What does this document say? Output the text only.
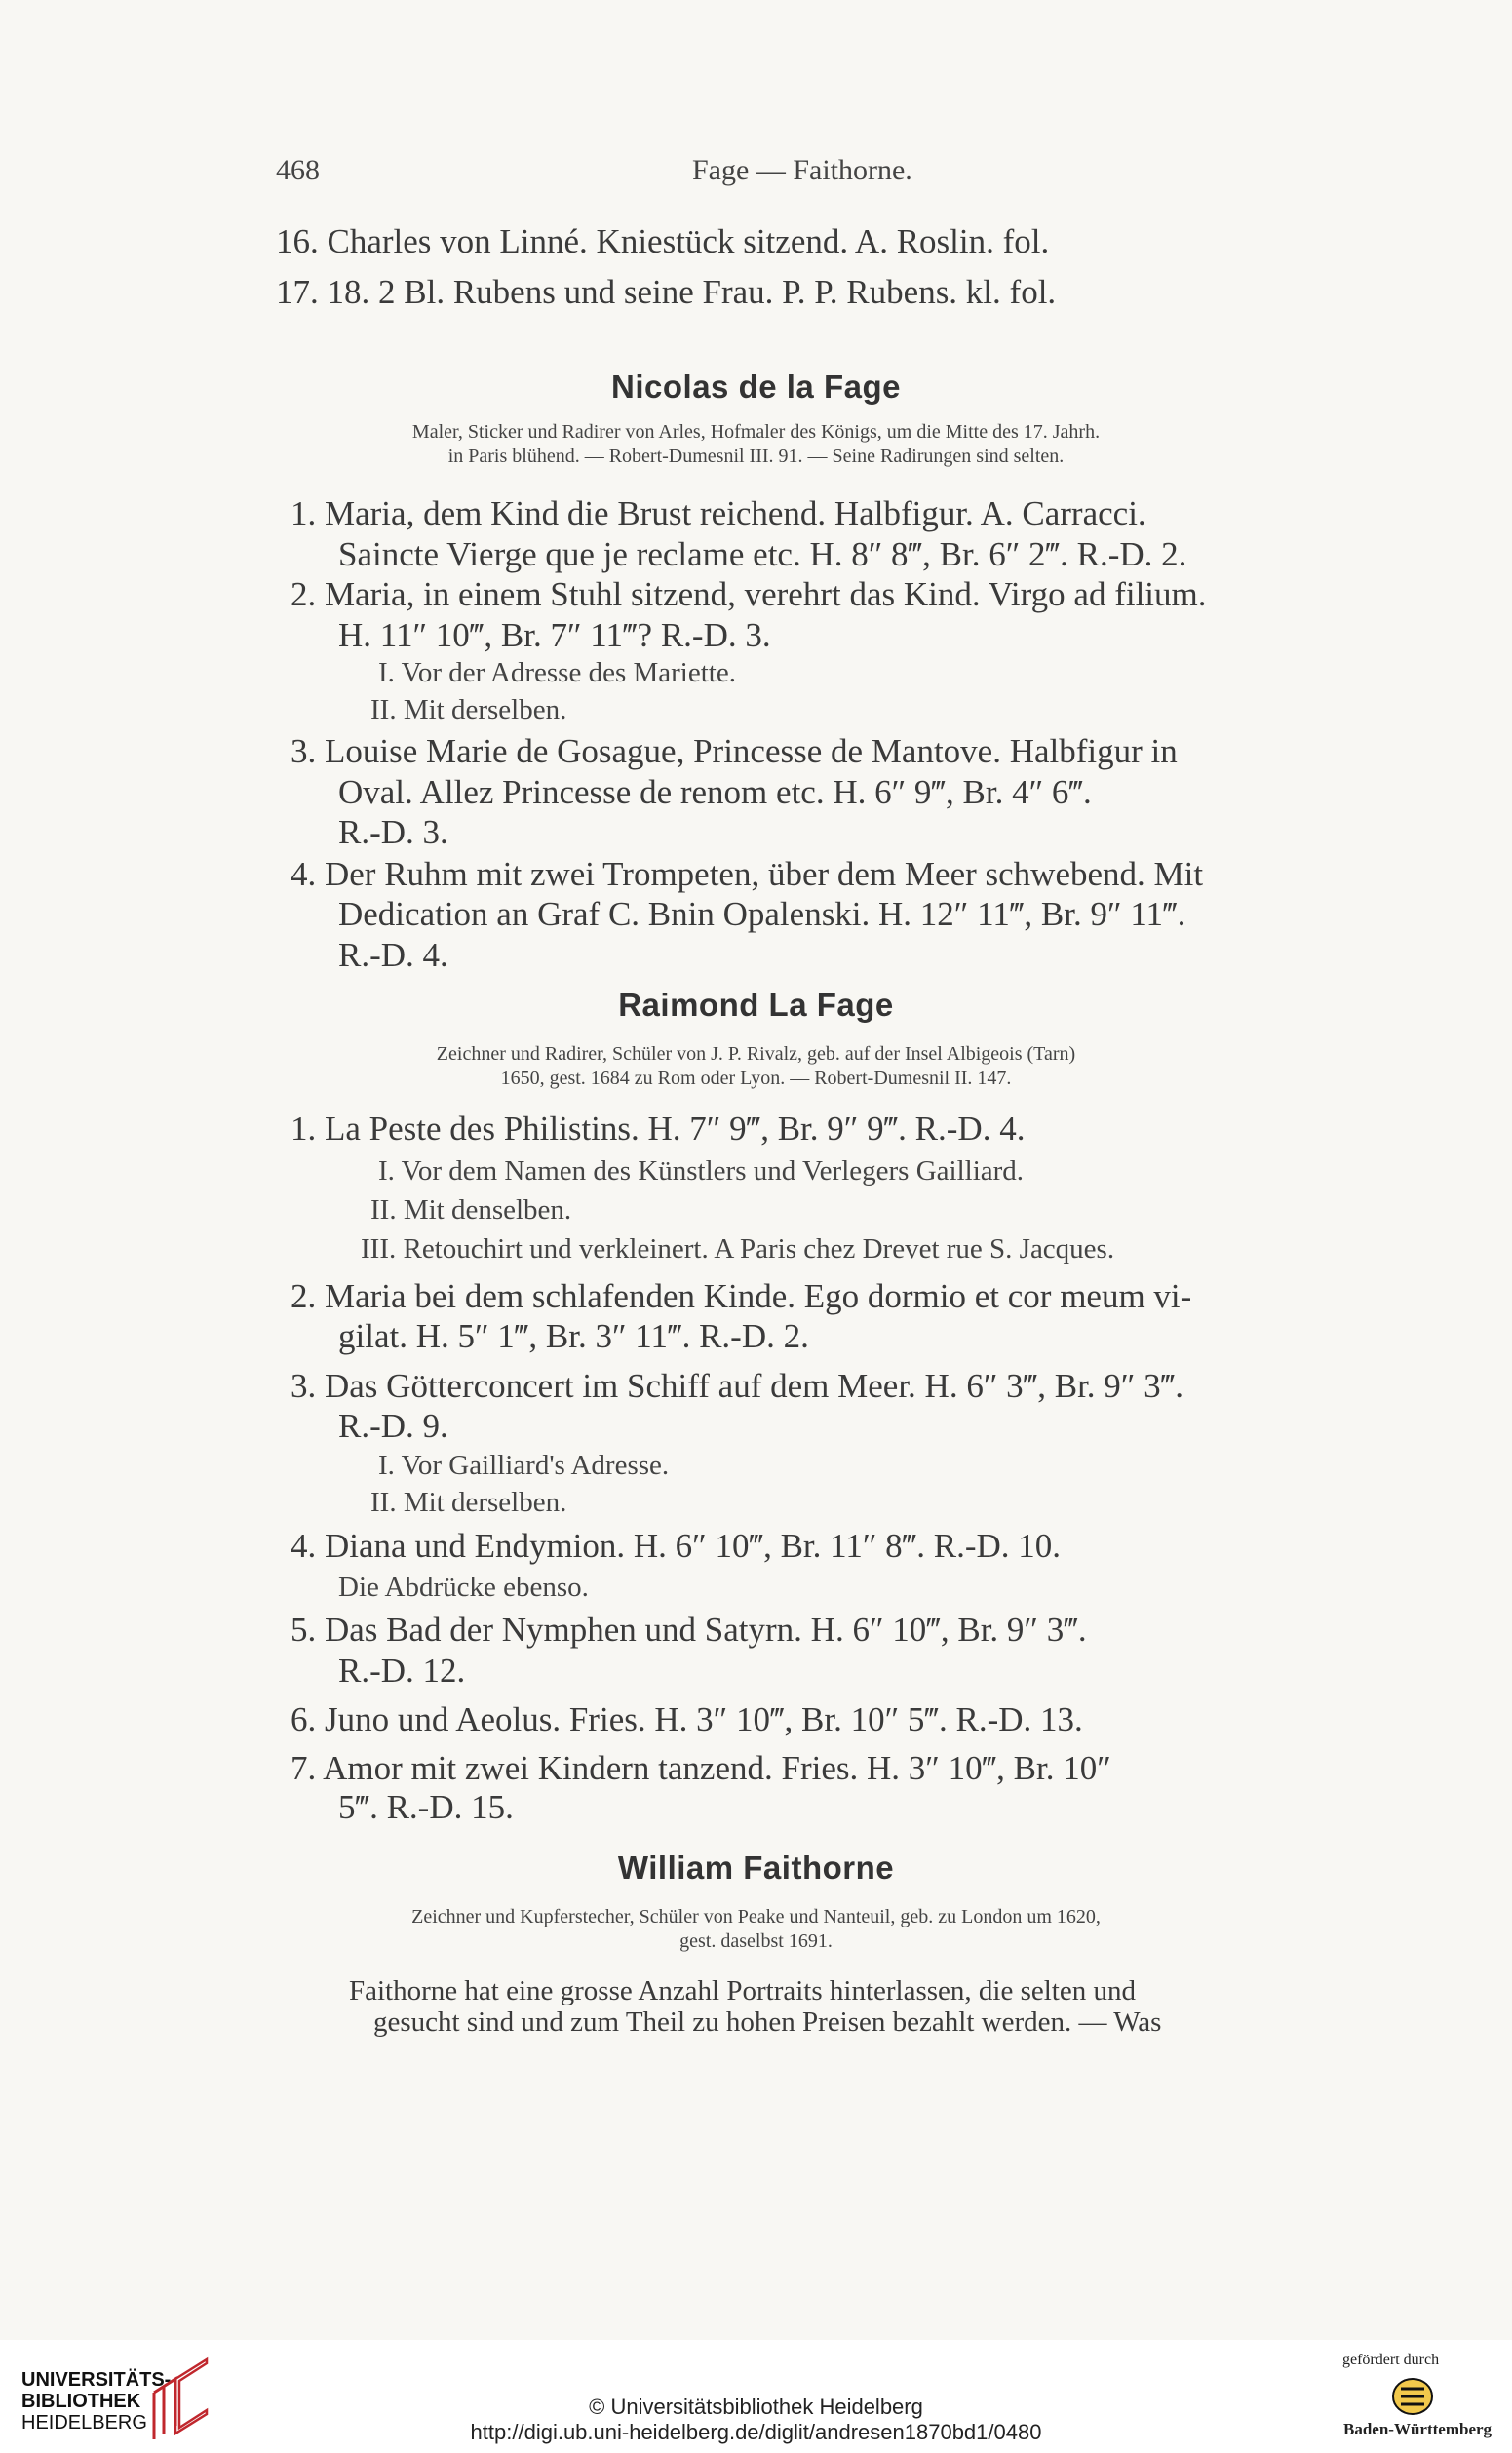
468	Fage — Faithorne.
16. Charles von Linné. Kniestück sitzend. A. Roslin. fol.
17. 18. 2 Bl. Rubens und seine Frau. P. P. Rubens. kl. fol.
Nicolas de la Fage
Maler, Sticker und Radirer von Arles, Hofmaler des Königs, um die Mitte des 17. Jahrh.
in Paris blühend. — Robert-Dumesnil III. 91. — Seine Radirungen sind selten.
1. Maria, dem Kind die Brust reichend. Halbfigur. A. Carracci.
Saincte Vierge que je reclame etc. H. 8″ 8‴, Br. 6″ 2‴. R.-D. 2.
2. Maria, in einem Stuhl sitzend, verehrt das Kind. Virgo ad filium.
H. 11″ 10‴, Br. 7″ 11‴? R.-D. 3.
I. Vor der Adresse des Mariette.
II. Mit derselben.
3. Louise Marie de Gosague, Princesse de Mantove. Halbfigur in
Oval. Allez Princesse de renom etc. H. 6″ 9‴, Br. 4″ 6‴.
R.-D. 3.
4. Der Ruhm mit zwei Trompeten, über dem Meer schwebend. Mit
Dedication an Graf C. Bnin Opalenski. H. 12″ 11‴, Br. 9″ 11‴.
R.-D. 4.
Raimond La Fage
Zeichner und Radirer, Schüler von J. P. Rivalz, geb. auf der Insel Albigeois (Tarn)
1650, gest. 1684 zu Rom oder Lyon. — Robert-Dumesnil II. 147.
1. La Peste des Philistins. H. 7″ 9‴, Br. 9″ 9‴. R.-D. 4.
I. Vor dem Namen des Künstlers und Verlegers Gailliard.
II. Mit denselben.
III. Retouchirt und verkleinert. A Paris chez Drevet rue S. Jacques.
2. Maria bei dem schlafenden Kinde. Ego dormio et cor meum vi-
gilat. H. 5″ 1‴, Br. 3″ 11‴. R.-D. 2.
3. Das Götterconcert im Schiff auf dem Meer. H. 6″ 3‴, Br. 9″ 3‴.
R.-D. 9.
I. Vor Gailliard's Adresse.
II. Mit derselben.
4. Diana und Endymion. H. 6″ 10‴, Br. 11″ 8‴. R.-D. 10.
Die Abdrücke ebenso.
5. Das Bad der Nymphen und Satyrn. H. 6″ 10‴, Br. 9″ 3‴.
R.-D. 12.
6. Juno und Aeolus. Fries. H. 3″ 10‴, Br. 10″ 5‴. R.-D. 13.
7. Amor mit zwei Kindern tanzend. Fries. H. 3″ 10‴, Br. 10″
5‴. R.-D. 15.
William Faithorne
Zeichner und Kupferstecher, Schüler von Peake und Nanteuil, geb. zu London um 1620,
gest. daselbst 1691.
Faithorne hat eine grosse Anzahl Portraits hinterlassen, die selten und
gesucht sind und zum Theil zu hohen Preisen bezahlt werden. — Was
UNIVERSITÄTS-
BIBLIOTHEK
HEIDELBERG
© Universitätsbibliothek Heidelberg
http://digi.ub.uni-heidelberg.de/diglit/andresen1870bd1/0480
gefördert durch
Baden-Württemberg
